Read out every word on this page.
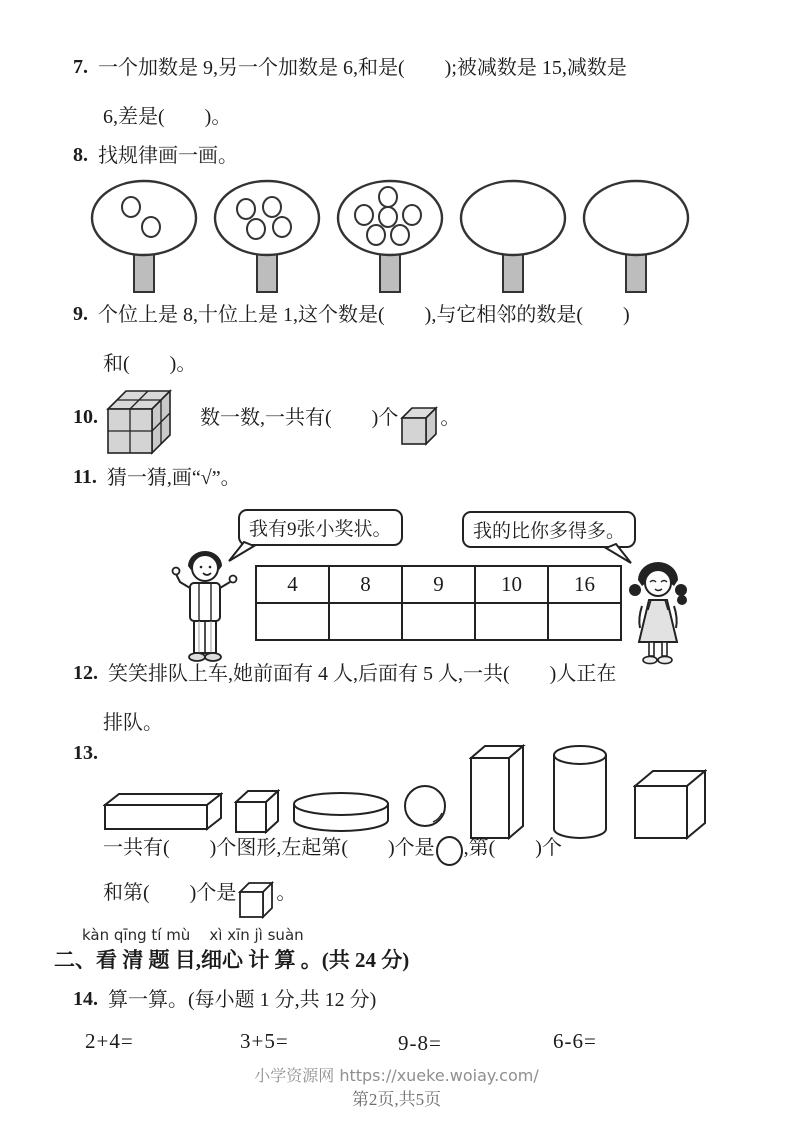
7. 一个加数是 9,另一个加数是 6,和是(        );被减数是 15,减数是
6,差是(        )。
8. 找规律画一画。
9. 个位上是 8,十位上是 1,这个数是(        ),与它相邻的数是(        )
和(        )。
10.	数一数,一共有(        )个 。
11. 猜一猜,画“√”。
我有9张小奖状。	我的比你多得多。
4	8	9	10	16

12. 笑笑排队上车,她前面有 4 人,后面有 5 人,一共(        )人正在
排队。
13.
一共有(        )个图形,左起第(        )个是 ,第(        )个
和第(        )个是 。
kàn qīng tí mù    xì xīn jì suàn
二、看 清 题 目,细心 计 算 。(共 24 分)
14. 算一算。(每小题 1 分,共 12 分)
2+4=	3+5=	9-8=	6-6=
小学资源网 https://xueke.woiay.com/
第2页,共5页
